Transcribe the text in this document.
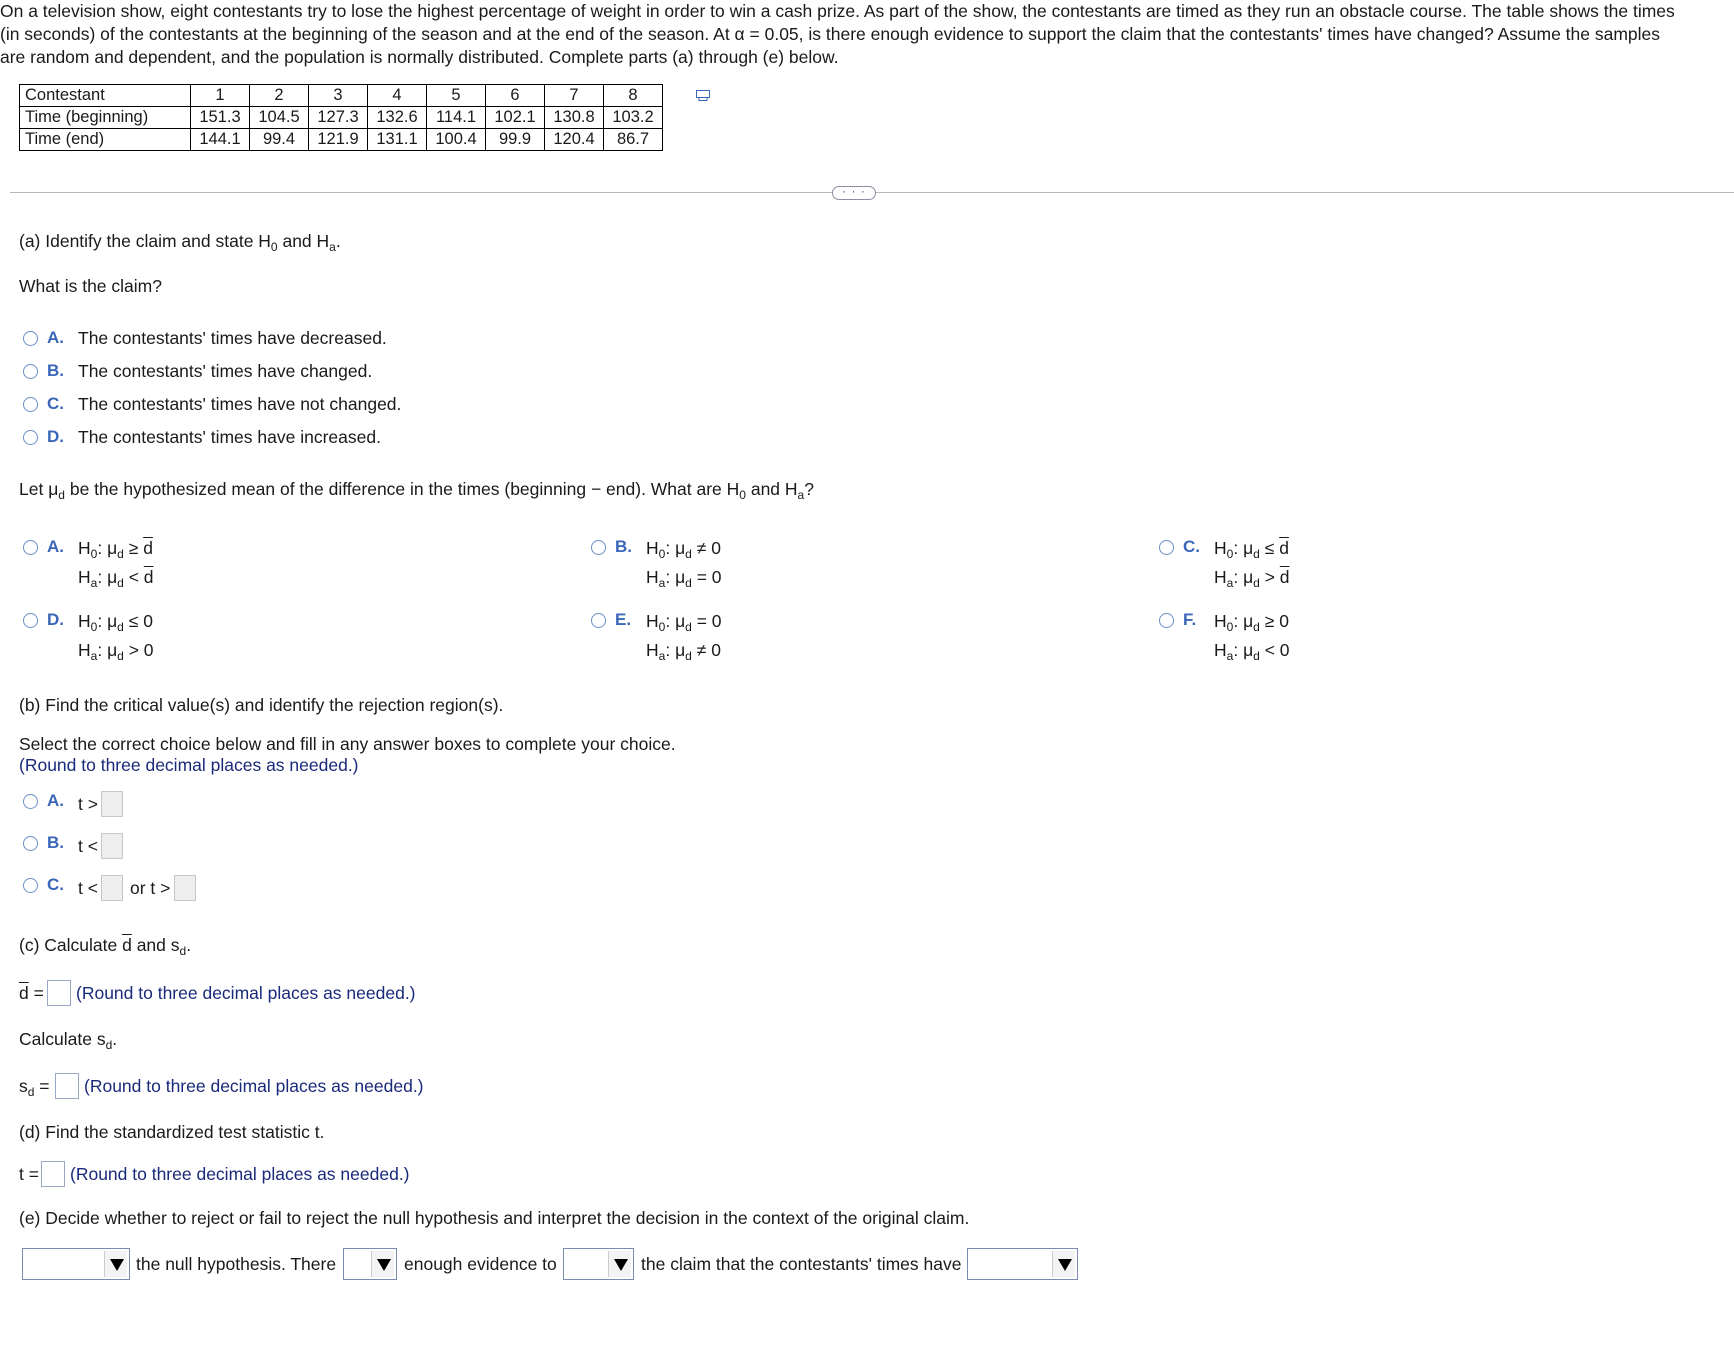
On a television show, eight contestants try to lose the highest percentage of weight in order to win a cash prize. As part of the show, the contestants are timed as they run an obstacle course. The table shows the times (in seconds) of the contestants at the beginning of the season and at the end of the season. At α = 0.05, is there enough evidence to support the claim that the contestants' times have changed? Assume the samples are random and dependent, and the population is normally distributed. Complete parts (a) through (e) below.
Contestant	1	2	3	4	5	6	7	8
Time (beginning)	151.3	104.5	127.3	132.6	114.1	102.1	130.8	103.2
Time (end)	144.1	99.4	121.9	131.1	100.4	99.9	120.4	86.7
· · ·
(a) Identify the claim and state $H_0$ and $H_a$.
What is the claim?
A. The contestants' times have decreased.
B. The contestants' times have changed.
C. The contestants' times have not changed.
D. The contestants' times have increased.
Let $\mu_d$ be the hypothesized mean of the difference in the times (beginning − end). What are $H_0$ and $H_a$?
A. $H_0$: $\mu_d \ge \overline{d}$
$H_a$: $\mu_d < \overline{d}$
B. $H_0$: $\mu_d \ne 0$
$H_a$: $\mu_d = 0$
C. $H_0$: $\mu_d \le \overline{d}$
$H_a$: $\mu_d > \overline{d}$
D. $H_0$: $\mu_d \le 0$
$H_a$: $\mu_d > 0$
E. $H_0$: $\mu_d = 0$
$H_a$: $\mu_d \ne 0$
F. $H_0$: $\mu_d \ge 0$
$H_a$: $\mu_d < 0$
(b) Find the critical value(s) and identify the rejection region(s).
Select the correct choice below and fill in any answer boxes to complete your choice.
(Round to three decimal places as needed.)
A. t >
B. t <
C. t < or t >
(c) Calculate $\overline{d}$ and $s_d$.
$\overline{d}$ = (Round to three decimal places as needed.)
Calculate $s_d$.
$s_d$ = (Round to three decimal places as needed.)
(d) Find the standardized test statistic t.
t = (Round to three decimal places as needed.)
(e) Decide whether to reject or fail to reject the null hypothesis and interpret the decision in the context of the original claim.
the null hypothesis. There	enough evidence to	the claim that the contestants' times have
